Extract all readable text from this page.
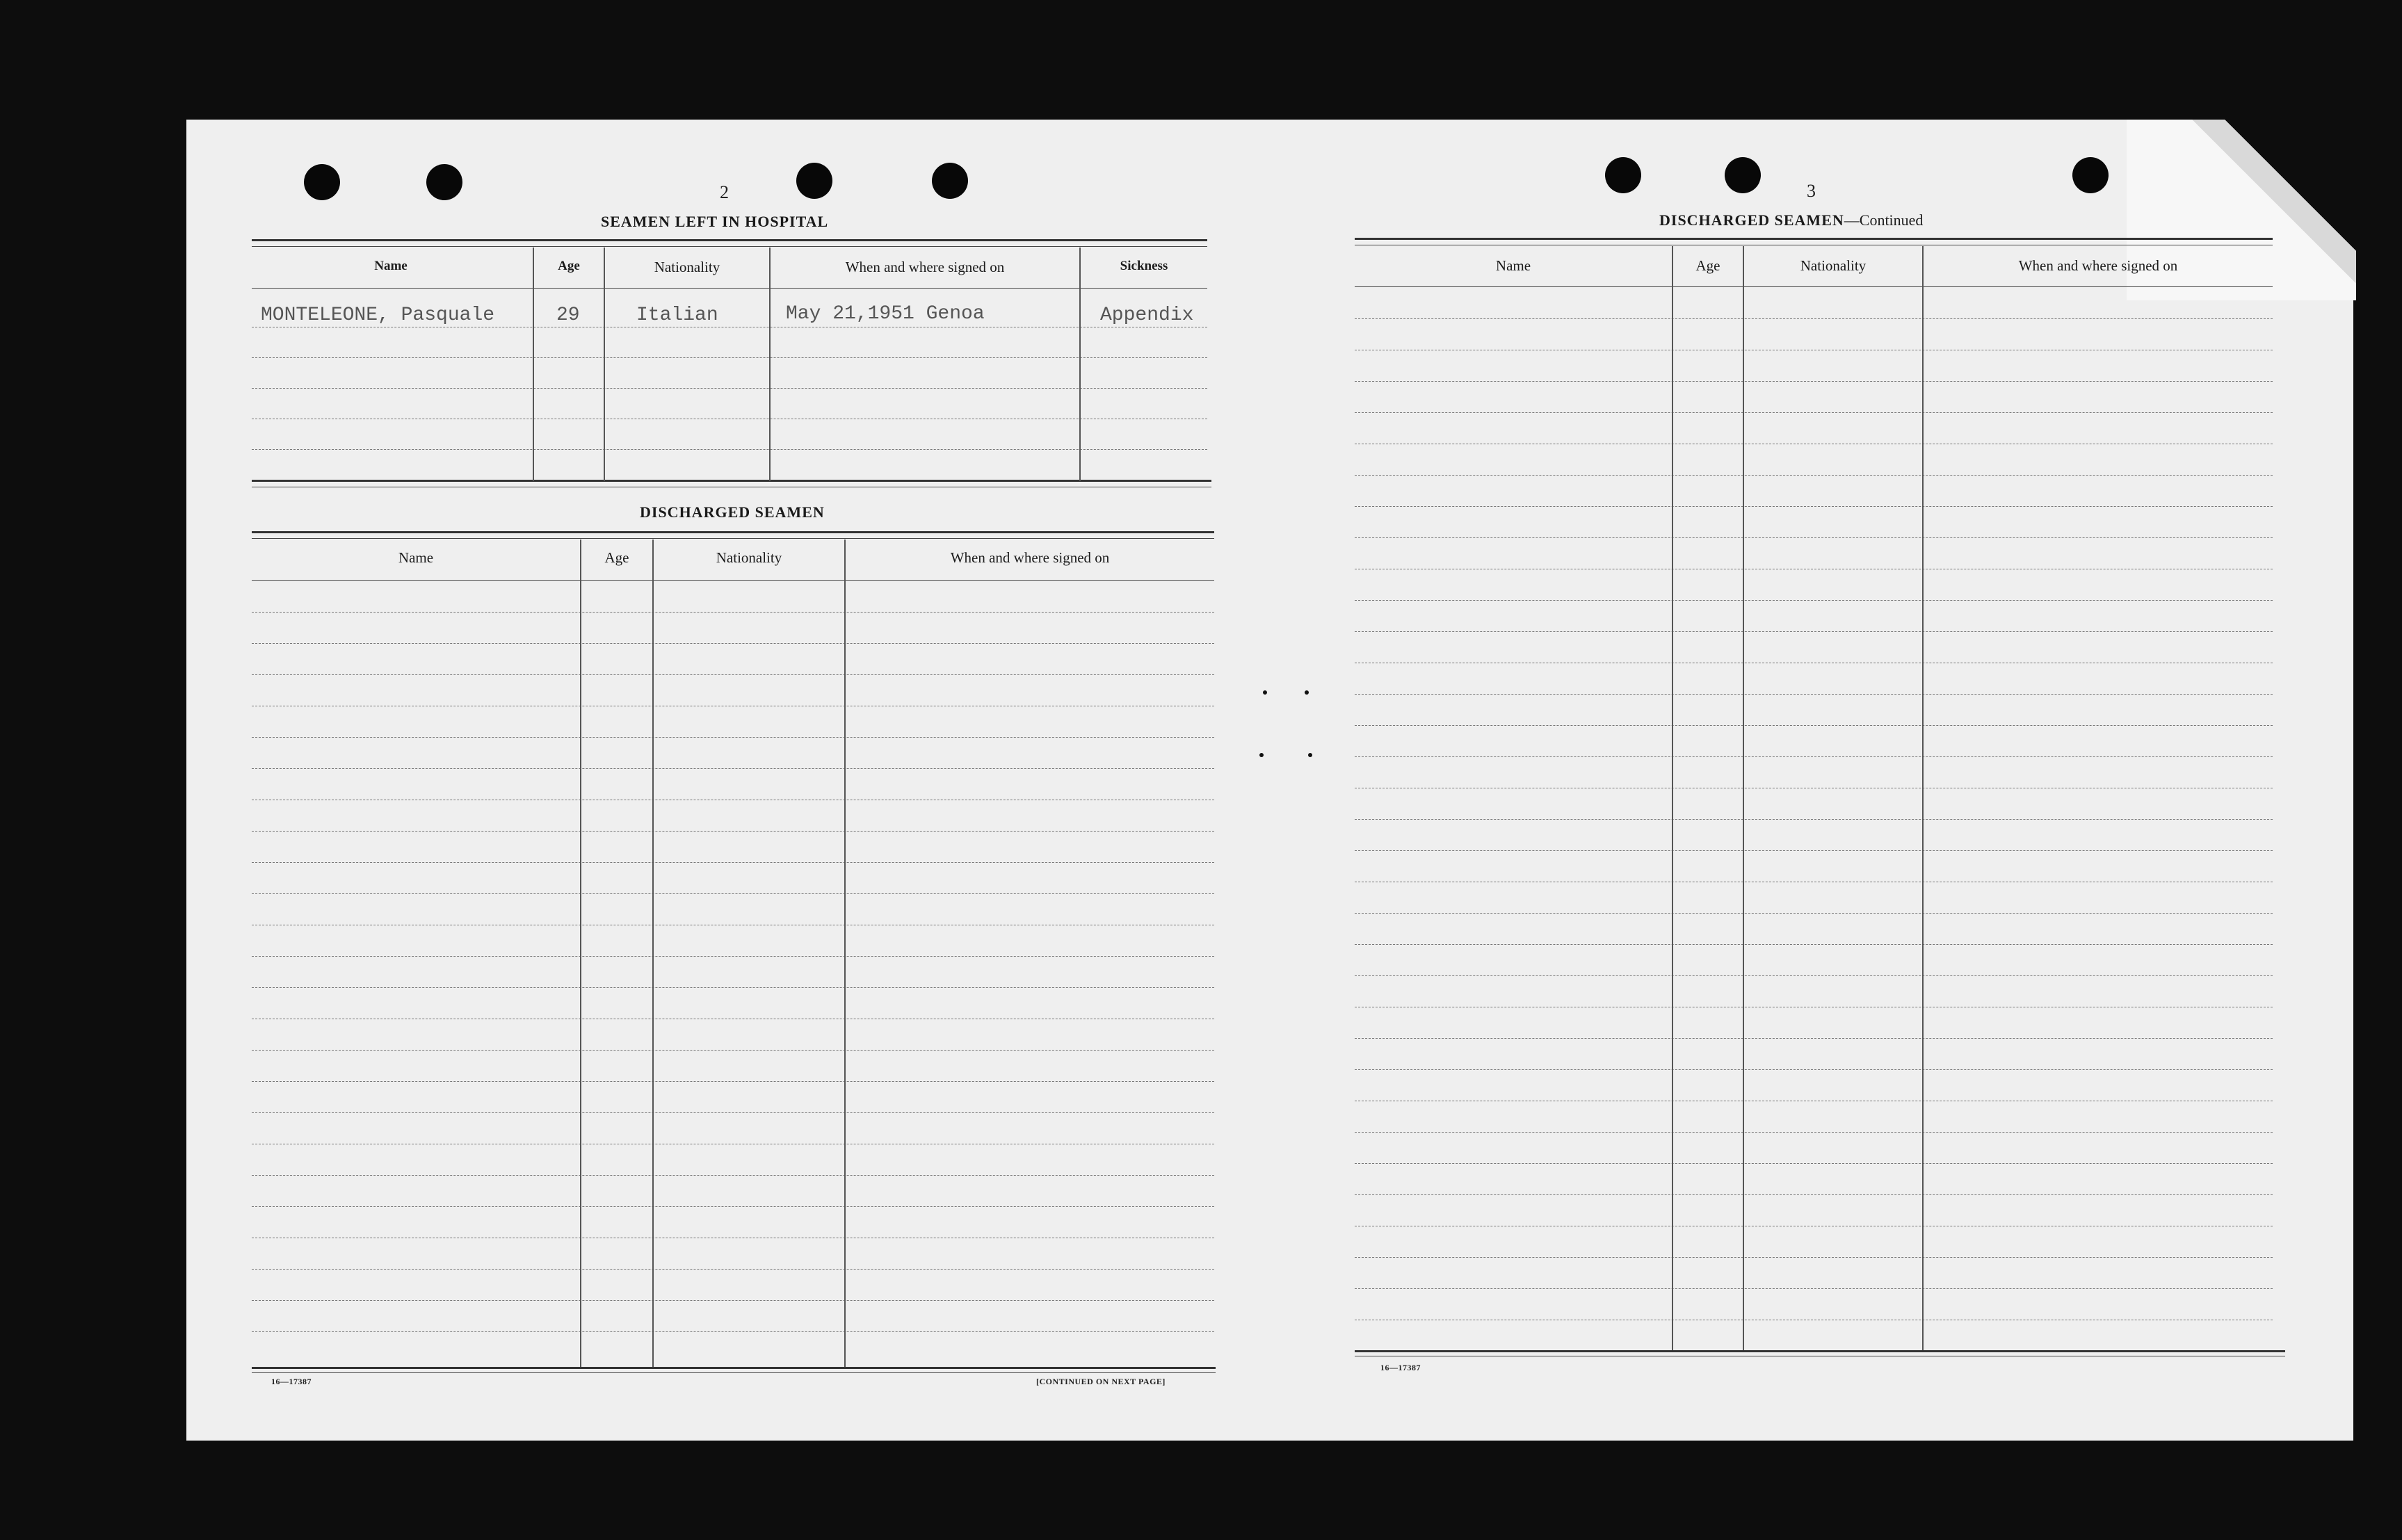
2
SEAMEN LEFT IN HOSPITAL
Name	Age	Nationality	When and where signed on	Sickness
MONTELEONE, Pasquale	29	Italian	May 21,1951 Genoa	Appendix
DISCHARGED SEAMEN
Name	Age	Nationality	When and where signed on
16—17387	[CONTINUED ON NEXT PAGE]
3
DISCHARGED SEAMEN—Continued
Name	Age	Nationality	When and where signed on
16—17387
